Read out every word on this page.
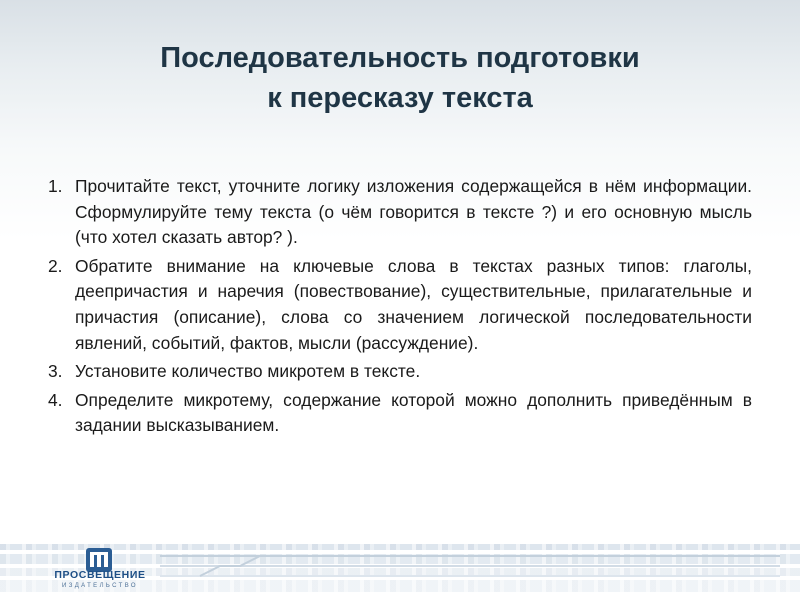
Последовательность подготовки
к пересказу текста
1. Прочитайте текст, уточните логику изложения содержащейся в нём информации. Сформулируйте тему текста (о чём говорится в тексте ?) и его основную мысль (что хотел сказать автор? ).
2. Обратите внимание на ключевые слова в текстах разных типов: глаголы, деепричастия и наречия (повествование), существительные, прилагательные и причастия (описание), слова со значением логической последовательности явлений, событий, фактов, мысли (рассуждение).
3. Установите количество микротем в тексте.
4. Определите микротему, содержание которой можно дополнить приведённым в задании высказыванием.
ПРОСВЕЩЕНИЕ
ИЗДАТЕЛЬСТВО
